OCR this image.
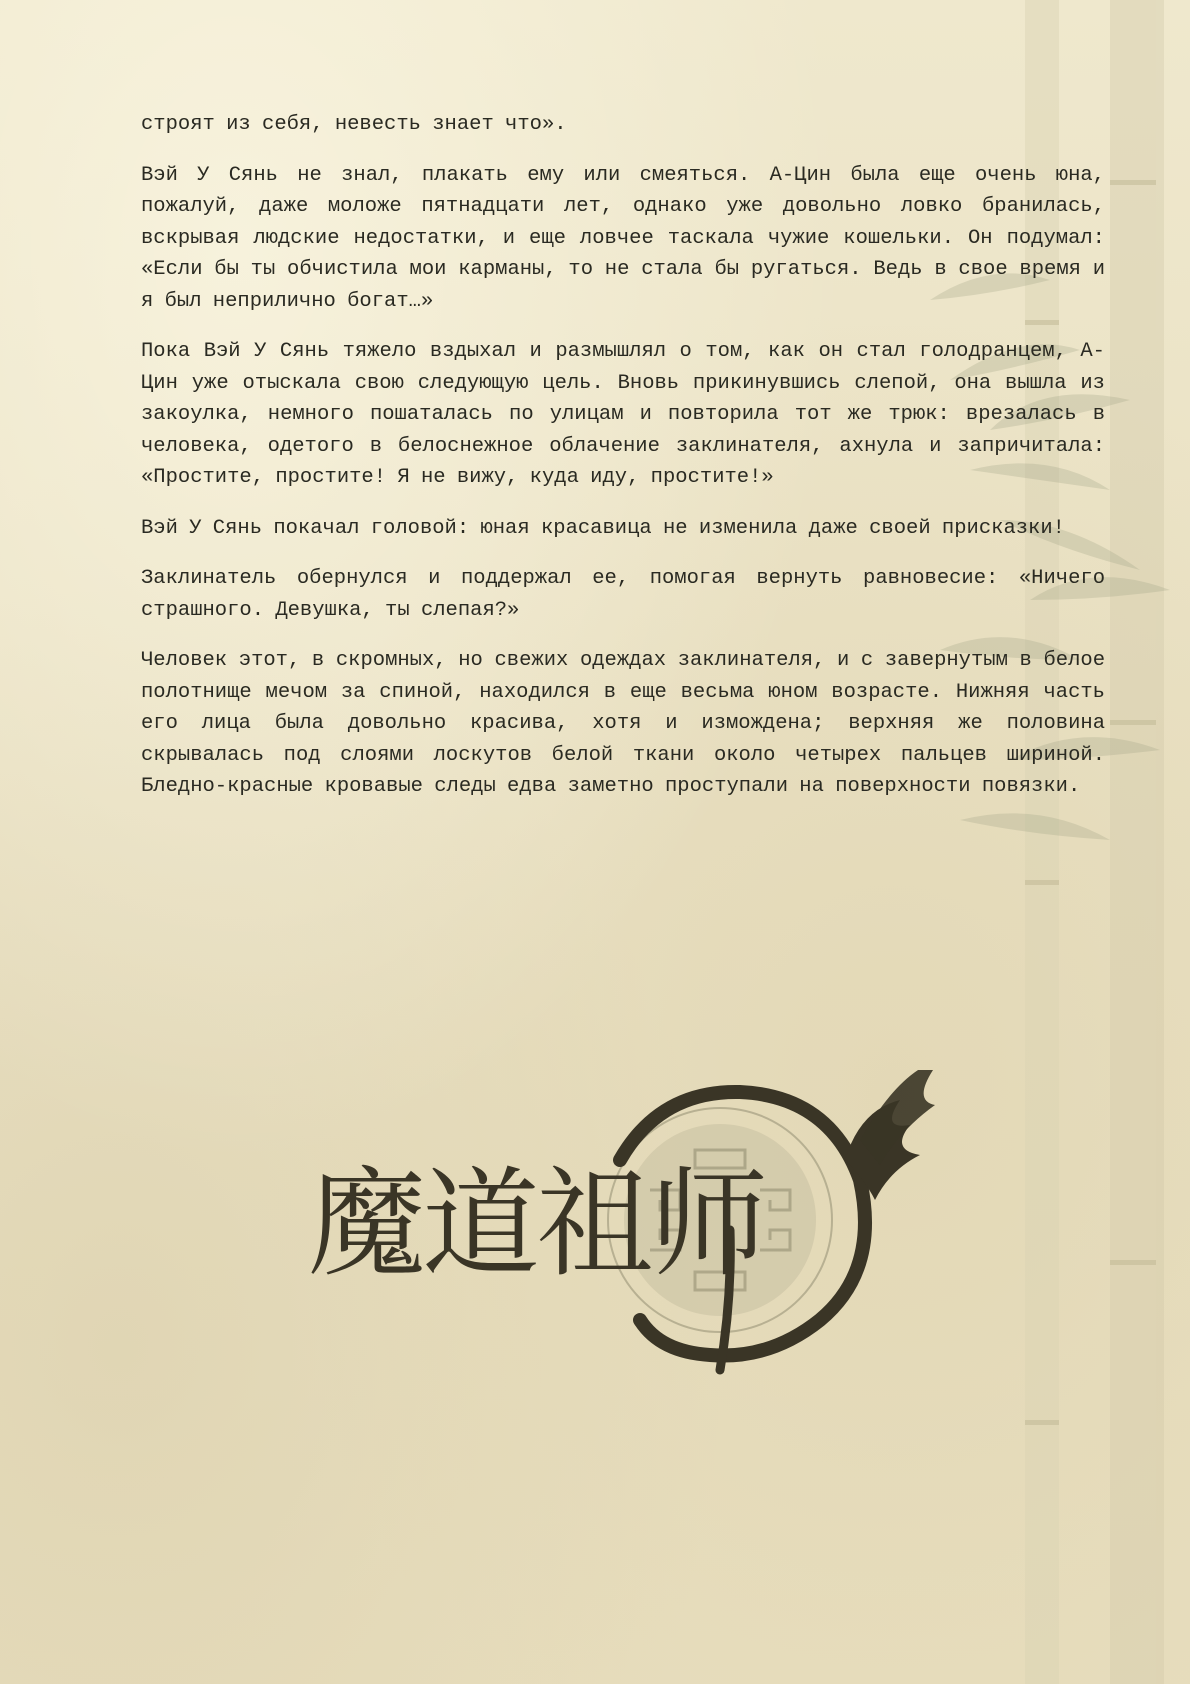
строят из себя, невесть знает что».

Вэй У Сянь не знал, плакать ему или смеяться. А-Цин была еще очень юна, пожалуй, даже моложе пятнадцати лет, однако уже довольно ловко бранилась, вскрывая людские недостатки, и еще ловчее таскала чужие кошельки. Он подумал: «Если бы ты обчистила мои карманы, то не стала бы ругаться. Ведь в свое время и я был неприлично богат…»

Пока Вэй У Сянь тяжело вздыхал и размышлял о том, как он стал голодранцем, А-Цин уже отыскала свою следующую цель. Вновь прикинувшись слепой, она вышла из закоулка, немного пошаталась по улицам и повторила тот же трюк: врезалась в человека, одетого в белоснежное облачение заклинателя, ахнула и запричитала: «Простите, простите! Я не вижу, куда иду, простите!»

Вэй У Сянь покачал головой: юная красавица не изменила даже своей присказки!

Заклинатель обернулся и поддержал ее, помогая вернуть равновесие: «Ничего страшного. Девушка, ты слепая?»

Человек этот, в скромных, но свежих одеждах заклинателя, и с завернутым в белое полотнище мечом за спиной, находился в еще весьма юном возрасте. Нижняя часть его лица была довольно красива, хотя и измождена; верхняя же половина скрывалась под слоями лоскутов белой ткани около четырех пальцев шириной. Бледно-красные кровавые следы едва заметно проступали на поверхности повязки.

魔道祖师
